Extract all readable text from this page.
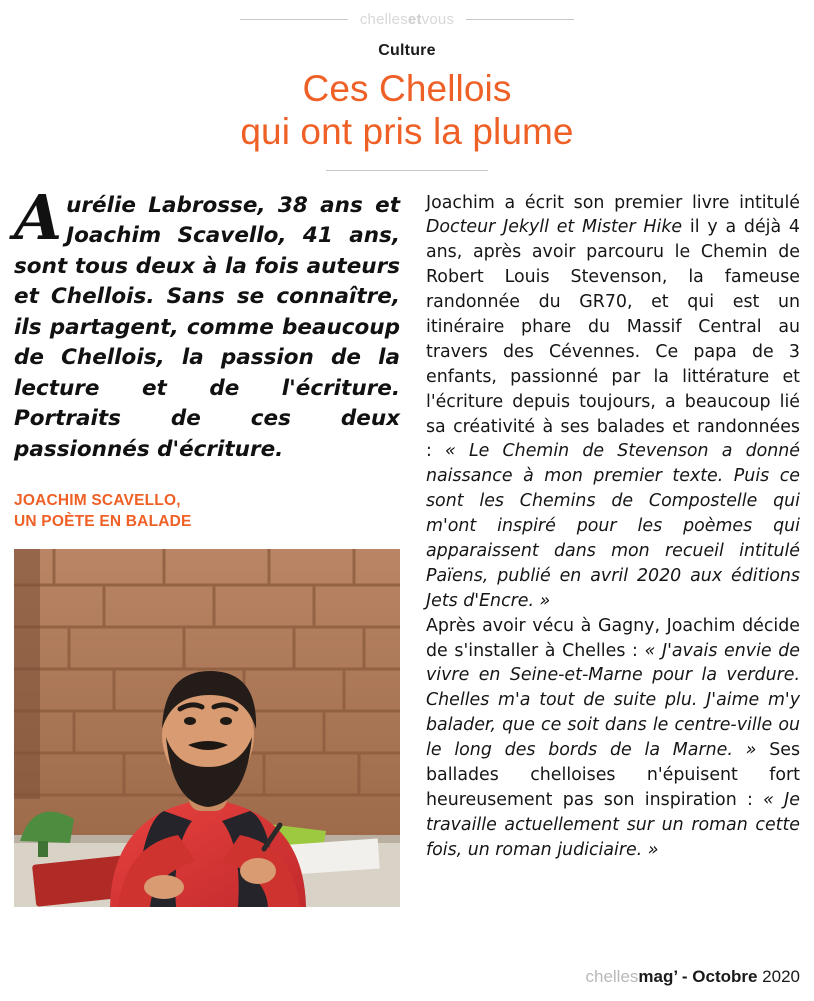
chellesetvous
Culture
Ces Chellois
qui ont pris la plume
Aurélie Labrosse, 38 ans et Joachim Scavello, 41 ans, sont tous deux à la fois auteurs et Chellois. Sans se connaître, ils partagent, comme beaucoup de Chellois, la passion de la lecture et de l'écriture. Portraits de ces deux passionnés d'écriture.
JOACHIM SCAVELLO,
UN POÈTE EN BALADE

Joachim a écrit son premier livre intitulé Docteur Jekyll et Mister Hike il y a déjà 4 ans, après avoir parcouru le Chemin de Robert Louis Stevenson, la fameuse randonnée du GR70, et qui est un itinéraire phare du Massif Central au travers des Cévennes. Ce papa de 3 enfants, passionné par la littérature et l'écriture depuis toujours, a beaucoup lié sa créativité à ses balades et randonnées : « Le Chemin de Stevenson a donné naissance à mon premier texte. Puis ce sont les Chemins de Compostelle qui m'ont inspiré pour les poèmes qui apparaissent dans mon recueil intitulé Païens, publié en avril 2020 aux éditions Jets d'Encre. »

Après avoir vécu à Gagny, Joachim décide de s'installer à Chelles : « J'avais envie de vivre en Seine-et-Marne pour la verdure. Chelles m'a tout de suite plu. J'aime m'y balader, que ce soit dans le centre-ville ou le long des bords de la Marne. » Ses ballades chelloises n'épuisent fort heureusement pas son inspiration : « Je travaille actuellement sur un roman cette fois, un roman judiciaire. »

chellesmag’ - Octobre 2020
